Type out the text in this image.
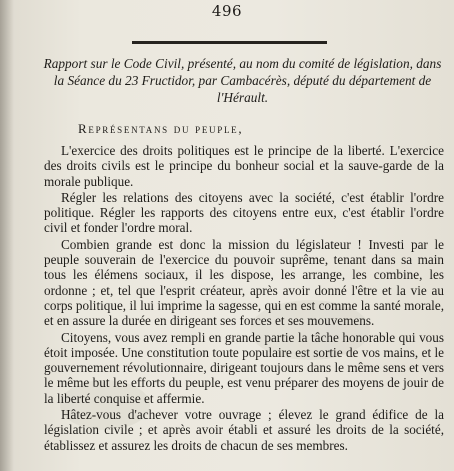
496
Rapport sur le Code Civil, présenté, au nom du comité de législation, dans la Séance du 23 Fructidor, par Cambacérès, député du département de l'Hérault.

Représentans du peuple,

L'exercice des droits politiques est le principe de la liberté. L'exercice des droits civils est le principe du bonheur social et la sauve-garde de la morale publique.

Régler les relations des citoyens avec la société, c'est établir l'ordre politique. Régler les rapports des citoyens entre eux, c'est établir l'ordre civil et fonder l'ordre moral.

Combien grande est donc la mission du législateur ! Investi par le peuple souverain de l'exercice du pouvoir suprême, tenant dans sa main tous les élémens sociaux, il les dispose, les arrange, les combine, les ordonne ; et, tel que l'esprit créateur, après avoir donné l'être et la vie au corps politique, il lui imprime la sagesse, qui en est comme la santé morale, et en assure la durée en dirigeant ses forces et ses mouvemens.

Citoyens, vous avez rempli en grande partie la tâche honorable qui vous étoit imposée. Une constitution toute populaire est sortie de vos mains, et le gouvernement révolutionnaire, dirigeant toujours dans le même sens et vers le même but les efforts du peuple, est venu préparer des moyens de jouir de la liberté conquise et affermie.

Hâtez-vous d'achever votre ouvrage ; élevez le grand édifice de la législation civile ; et après avoir établi et assuré les droits de la société, établissez et assurez les droits de chacun de ses membres.
